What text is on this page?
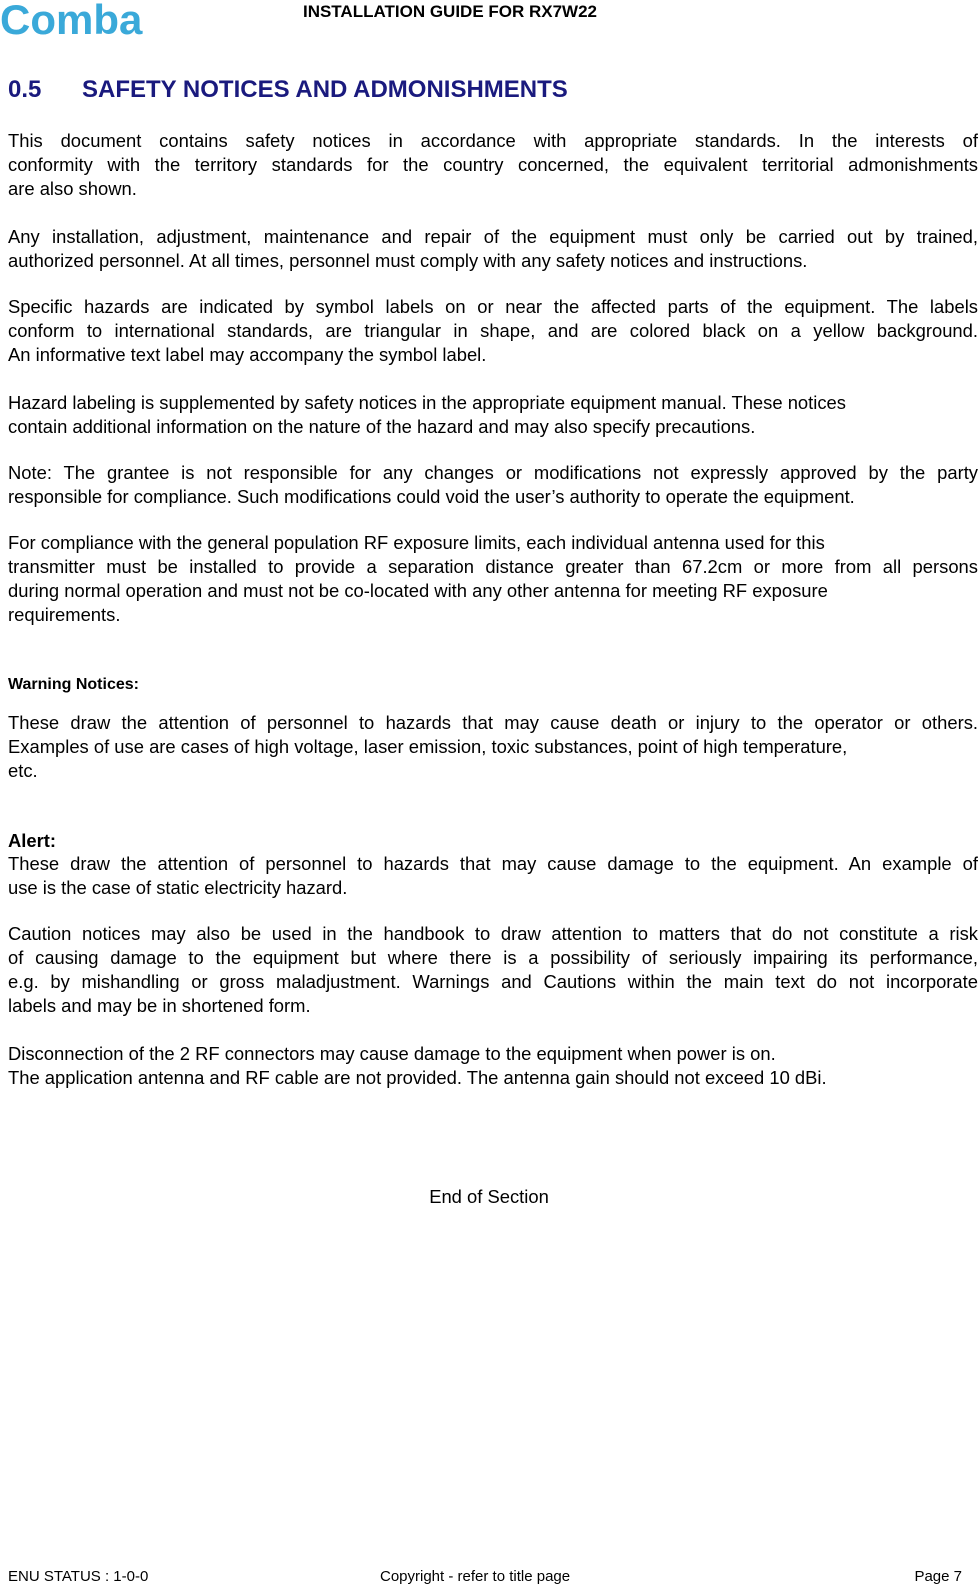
Comba	INSTALLATION GUIDE FOR RX7W22
0.5 SAFETY NOTICES AND ADMONISHMENTS
This document contains safety notices in accordance with appropriate standards. In the interests of
conformity with the territory standards for the country concerned, the equivalent territorial admonishments
are also shown.
Any installation, adjustment, maintenance and repair of the equipment must only be carried out by trained,
authorized personnel. At all times, personnel must comply with any safety notices and instructions.
Specific hazards are indicated by symbol labels on or near the affected parts of the equipment. The labels
conform to international standards, are triangular in shape, and are colored black on a yellow background.
An informative text label may accompany the symbol label.
Hazard labeling is supplemented by safety notices in the appropriate equipment manual. These notices
contain additional information on the nature of the hazard and may also specify precautions.
Note: The grantee is not responsible for any changes or modifications not expressly approved by the party
responsible for compliance. Such modifications could void the user’s authority to operate the equipment.
For compliance with the general population RF exposure limits, each individual antenna used for this
transmitter must be installed to provide a separation distance greater than 67.2cm or more from all persons
during normal operation and must not be co-located with any other antenna for meeting RF exposure
requirements.
Warning Notices:
These draw the attention of personnel to hazards that may cause death or injury to the operator or others.
Examples of use are cases of high voltage, laser emission, toxic substances, point of high temperature,
etc.
Alert:
These draw the attention of personnel to hazards that may cause damage to the equipment. An example of
use is the case of static electricity hazard.
Caution notices may also be used in the handbook to draw attention to matters that do not constitute a risk
of causing damage to the equipment but where there is a possibility of seriously impairing its performance,
e.g. by mishandling or gross maladjustment. Warnings and Cautions within the main text do not incorporate
labels and may be in shortened form.
Disconnection of the 2 RF connectors may cause damage to the equipment when power is on.
The application antenna and RF cable are not provided. The antenna gain should not exceed 10 dBi.
End of Section
ENU STATUS : 1-0-0	Copyright - refer to title page	Page 7
